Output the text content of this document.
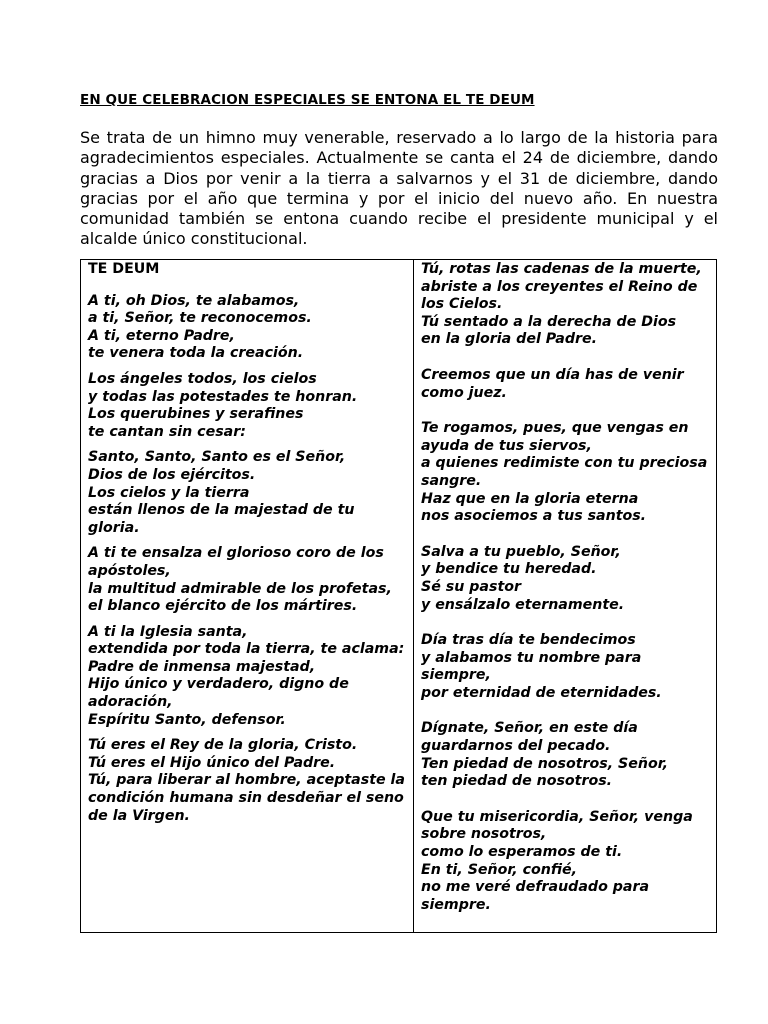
EN QUE CELEBRACION ESPECIALES SE ENTONA EL TE DEUM
Se trata de un himno muy venerable, reservado a lo largo de la historia para agradecimientos especiales. Actualmente se canta el 24 de diciembre, dando gracias a Dios por venir a la tierra a salvarnos y el 31 de diciembre, dando gracias por el año que termina y por el inicio del nuevo año. En nuestra comunidad también se entona cuando recibe el presidente municipal y el alcalde único constitucional.
TE DEUM
A ti, oh Dios, te alabamos,
a ti, Señor, te reconocemos.
A ti, eterno Padre,
te venera toda la creación.
Los ángeles todos, los cielos
y todas las potestades te honran.
Los querubines y serafines
te cantan sin cesar:
Santo, Santo, Santo es el Señor,
Dios de los ejércitos.
Los cielos y la tierra
están llenos de la majestad de tu gloria.
A ti te ensalza el glorioso coro de los apóstoles,
la multitud admirable de los profetas,
el blanco ejército de los mártires.
A ti la Iglesia santa,
extendida por toda la tierra, te aclama:
Padre de inmensa majestad,
Hijo único y verdadero, digno de adoración,
Espíritu Santo, defensor.
Tú eres el Rey de la gloria, Cristo.
Tú eres el Hijo único del Padre.
Tú, para liberar al hombre, aceptaste la condición humana sin desdeñar el seno de la Virgen.

Tú, rotas las cadenas de la muerte, abriste a los creyentes el Reino de los Cielos.
Tú sentado a la derecha de Dios
en la gloria del Padre.
Creemos que un día has de venir como juez.
Te rogamos, pues, que vengas en ayuda de tus siervos,
a quienes redimiste con tu preciosa sangre.
Haz que en la gloria eterna
nos asociemos a tus santos.
Salva a tu pueblo, Señor,
y bendice tu heredad.
Sé su pastor
y ensálzalo eternamente.
Día tras día te bendecimos
y alabamos tu nombre para siempre,
por eternidad de eternidades.
Dígnate, Señor, en este día
guardarnos del pecado.
Ten piedad de nosotros, Señor,
ten piedad de nosotros.
Que tu misericordia, Señor, venga sobre nosotros,
como lo esperamos de ti.
En ti, Señor, confié,
no me veré defraudado para siempre.
